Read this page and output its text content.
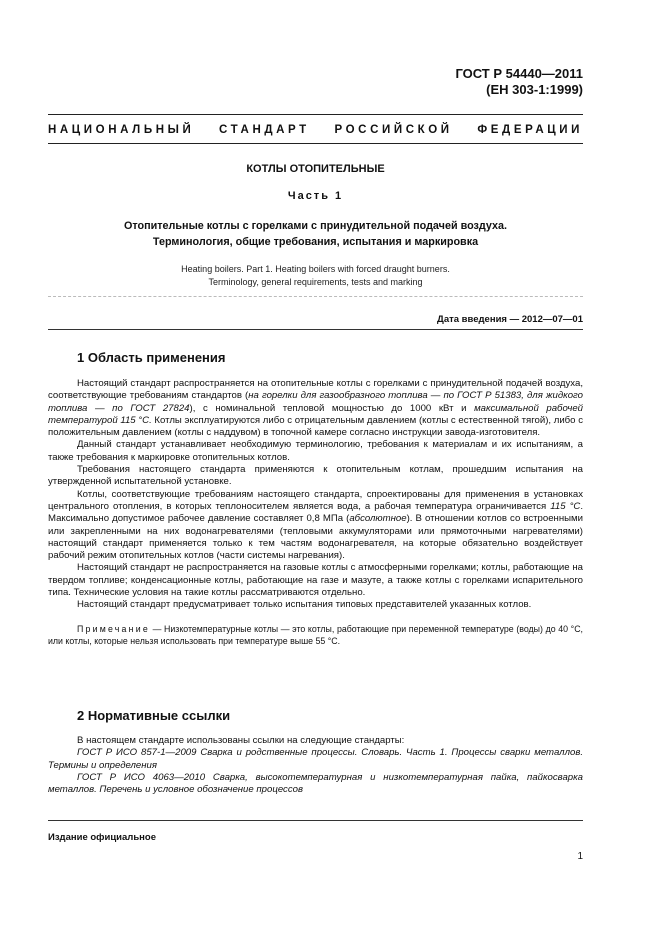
ГОСТ Р 54440—2011
(ЕН 303-1:1999)
НАЦИОНАЛЬНЫЙ СТАНДАРТ РОССИЙСКОЙ ФЕДЕРАЦИИ
КОТЛЫ ОТОПИТЕЛЬНЫЕ
Часть 1
Отопительные котлы с горелками с принудительной подачей воздуха.
Терминология, общие требования, испытания и маркировка
Heating boilers. Part 1. Heating boilers with forced draught burners.
Terminology, general requirements, tests and marking
Дата введения — 2012—07—01
1 Область применения

Настоящий стандарт распространяется на отопительные котлы с горелками с принудительной подачей воздуха, соответствующие требованиям стандартов (на горелки для газообразного топлива — по ГОСТ Р 51383, для жидкого топлива — по ГОСТ 27824), с номинальной тепловой мощностью до 1000 кВт и максимальной рабочей температурой 115 °С. Котлы эксплуатируются либо с отрицательным давлением (котлы с естественной тягой), либо с положительным давлением (котлы с наддувом) в топочной камере согласно инструкции завода-изготовителя.

Данный стандарт устанавливает необходимую терминологию, требования к материалам и их испытаниям, а также требования к маркировке отопительных котлов.

Требования настоящего стандарта применяются к отопительным котлам, прошедшим испытания на утвержденной испытательной установке.

Котлы, соответствующие требованиям настоящего стандарта, спроектированы для применения в установках центрального отопления, в которых теплоносителем является вода, а рабочая температура ограничивается 115 °С. Максимально допустимое рабочее давление составляет 0,8 МПа (абсолютное). В отношении котлов со встроенными или закрепленными на них водонагревателями (тепловыми аккумуляторами или прямоточными нагревателями) настоящий стандарт применяется только к тем частям водонагревателя, на которые обязательно воздействует рабочий режим отопительных котлов (части системы нагревания).

Настоящий стандарт не распространяется на газовые котлы с атмосферными горелками; котлы, работающие на твердом топливе; конденсационные котлы, работающие на газе и мазуте, а также котлы с горелками испарительного типа. Технические условия на такие котлы рассматриваются отдельно.

Настоящий стандарт предусматривает только испытания типовых представителей указанных котлов.

Примечание — Низкотемпературные котлы — это котлы, работающие при переменной температуре (воды) до 40 °С, или котлы, которые нельзя использовать при температуре выше 55 °С.

2 Нормативные ссылки

В настоящем стандарте использованы ссылки на следующие стандарты:

ГОСТ Р ИСО 857-1—2009 Сварка и родственные процессы. Словарь. Часть 1. Процессы сварки металлов. Термины и определения

ГОСТ Р ИСО 4063—2010 Сварка, высокотемпературная и низкотемпературная пайка, пайкосварка металлов. Перечень и условное обозначение процессов

Издание официальное
1
